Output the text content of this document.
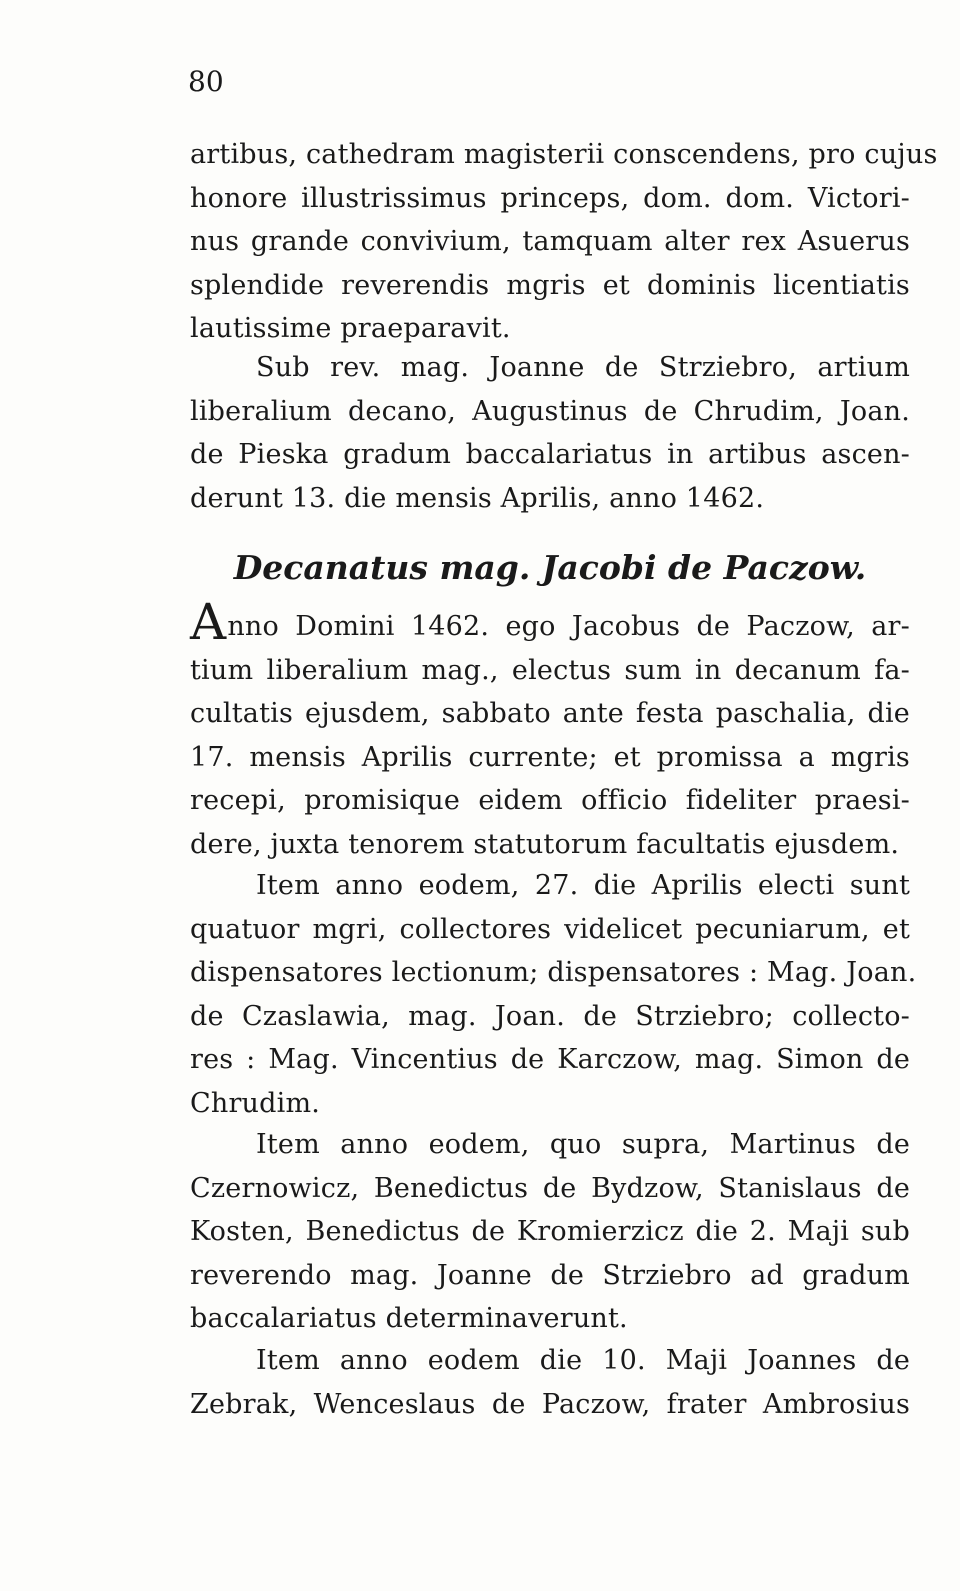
80

artibus, cathedram magisterii conscendens, pro cujus
honore illustrissimus princeps, dom. dom. Victori-
nus grande convivium, tamquam alter rex Asuerus
splendide reverendis mgris et dominis licentiatis
lautissime praeparavit.

Sub rev. mag. Joanne de Strziebro, artium
liberalium decano, Augustinus de Chrudim, Joan.
de Pieska gradum baccalariatus in artibus ascen-
derunt 13. die mensis Aprilis, anno 1462.

Decanatus mag. Jacobi de Paczow.

Anno Domini 1462. ego Jacobus de Paczow, ar-
tium liberalium mag., electus sum in decanum fa-
cultatis ejusdem, sabbato ante festa paschalia, die
17. mensis Aprilis currente; et promissa a mgris
recepi, promisique eidem officio fideliter praesi-
dere, juxta tenorem statutorum facultatis ejusdem.

Item anno eodem, 27. die Aprilis electi sunt
quatuor mgri, collectores videlicet pecuniarum, et
dispensatores lectionum; dispensatores : Mag. Joan.
de Czaslawia, mag. Joan. de Strziebro; collecto-
res : Mag. Vincentius de Karczow, mag. Simon de
Chrudim.

Item anno eodem, quo supra, Martinus de
Czernowicz, Benedictus de Bydzow, Stanislaus de
Kosten, Benedictus de Kromierzicz die 2. Maji sub
reverendo mag. Joanne de Strziebro ad gradum
baccalariatus determinaverunt.

Item anno eodem die 10. Maji Joannes de
Zebrak, Wenceslaus de Paczow, frater Ambrosius
